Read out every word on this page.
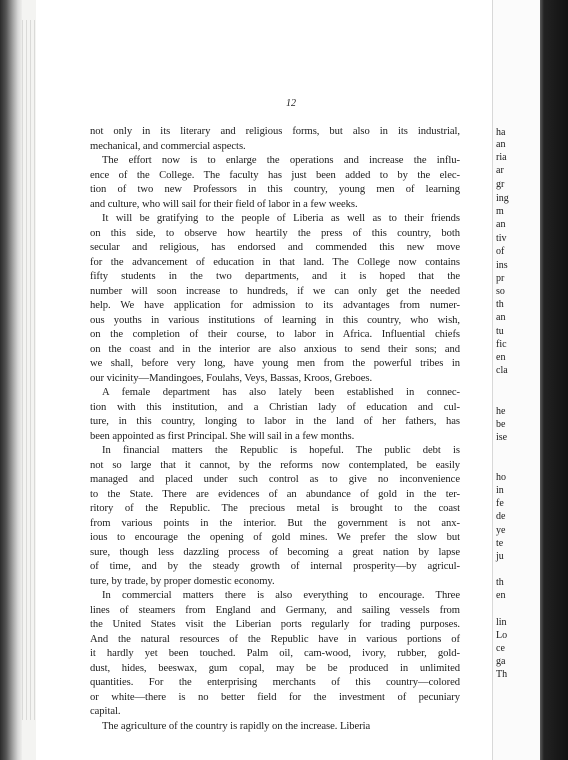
12
not only in its literary and religious forms, but also in its industrial,
mechanical, and commercial aspects.
The effort now is to enlarge the operations and increase the influ-
ence of the College. The faculty has just been added to by the elec-
tion of two new Professors in this country, young men of learning
and culture, who will sail for their field of labor in a few weeks.
It will be gratifying to the people of Liberia as well as to their friends
on this side, to observe how heartily the press of this country, both
secular and religious, has endorsed and commended this new move
for the advancement of education in that land. The College now contains
fifty students in the two departments, and it is hoped that the
number will soon increase to hundreds, if we can only get the needed
help. We have application for admission to its advantages from numer-
ous youths in various institutions of learning in this country, who wish,
on the completion of their course, to labor in Africa. Influential chiefs
on the coast and in the interior are also anxious to send their sons; and
we shall, before very long, have young men from the powerful tribes in
our vicinity—Mandingoes, Foulahs, Veys, Bassas, Kroos, Greboes.
A female department has also lately been established in connec-
tion with this institution, and a Christian lady of education and cul-
ture, in this country, longing to labor in the land of her fathers, has
been appointed as first Principal. She will sail in a few months.
In financial matters the Republic is hopeful. The public debt is
not so large that it cannot, by the reforms now contemplated, be easily
managed and placed under such control as to give no inconvenience
to the State. There are evidences of an abundance of gold in the ter-
ritory of the Republic. The precious metal is brought to the coast
from various points in the interior. But the government is not anx-
ious to encourage the opening of gold mines. We prefer the slow but
sure, though less dazzling process of becoming a great nation by lapse
of time, and by the steady growth of internal prosperity—by agricul-
ture, by trade, by proper domestic economy.
In commercial matters there is also everything to encourage. Three
lines of steamers from England and Germany, and sailing vessels from
the United States visit the Liberian ports regularly for trading purposes.
And the natural resources of the Republic have in various portions of
it hardly yet been touched. Palm oil, cam-wood, ivory, rubber, gold-
dust, hides, beeswax, gum copal, may be be produced in unlimited
quantities. For the enterprising merchants of this country—colored
or white—there is no better field for the investment of pecuniary
capital.
The agriculture of the country is rapidly on the increase. Liberia
ha
an
ria
ar
gr
ing
m
an
tiv
of
ins
pr
so
th
an
tu
fic
en
cla
he
be
ise
ho
in
fe
de
ye
te
ju
th
en
lin
Lo
ce
ga
Th
